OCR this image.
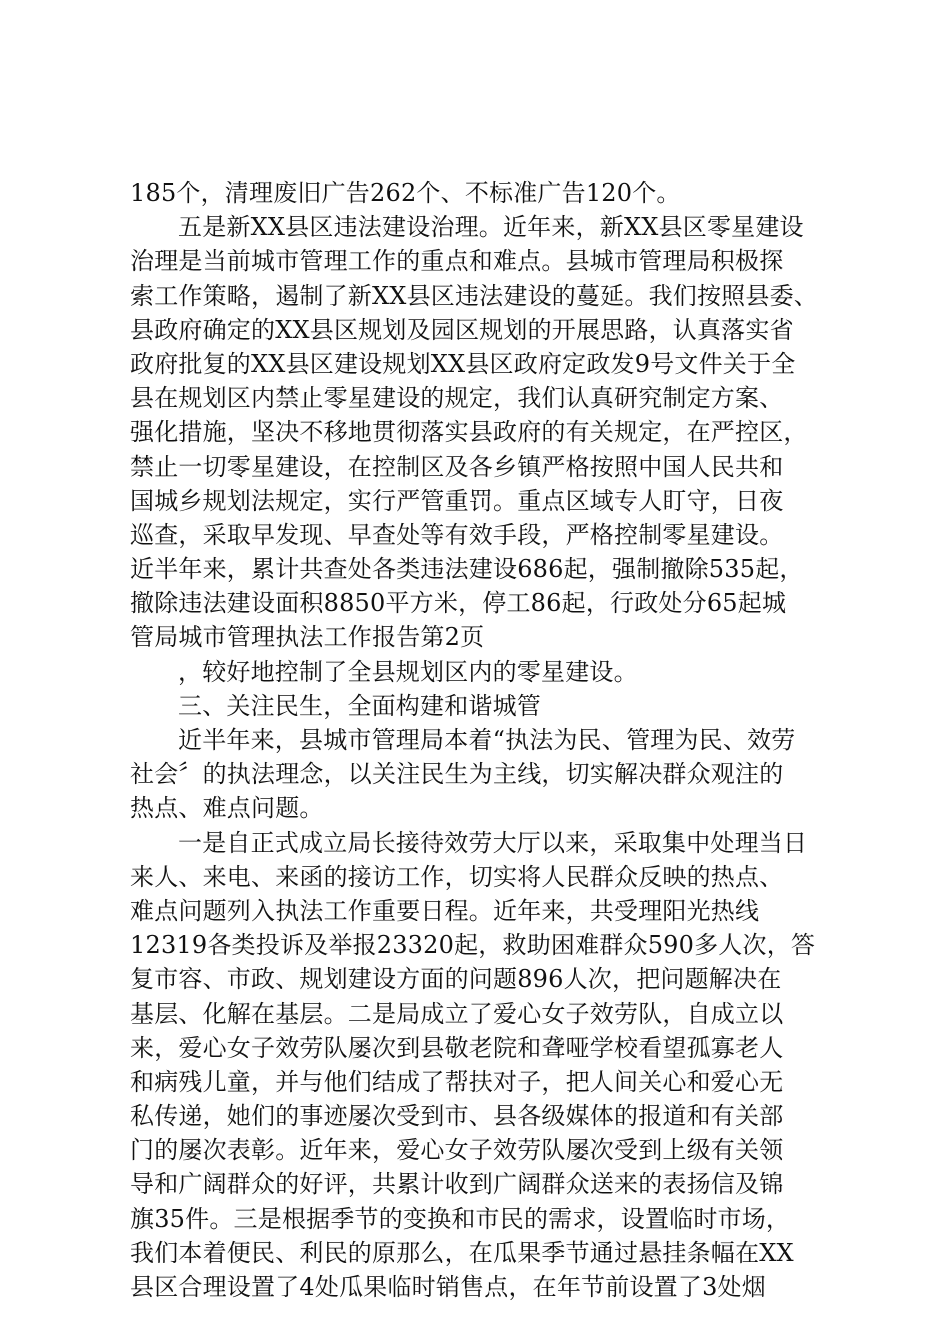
185个，清理废旧广告262个、不标准广告120个。
五是新XX县区违法建设治理。近年来，新XX县区零星建设
治理是当前城市管理工作的重点和难点。县城市管理局积极探
索工作策略，遏制了新XX县区违法建设的蔓延。我们按照县委、
县政府确定的XX县区规划及园区规划的开展思路，认真落实省
政府批复的XX县区建设规划XX县区政府定政发9号文件关于全
县在规划区内禁止零星建设的规定，我们认真研究制定方案、
强化措施，坚决不移地贯彻落实县政府的有关规定，在严控区，
禁止一切零星建设，在控制区及各乡镇严格按照中国人民共和
国城乡规划法规定，实行严管重罚。重点区域专人盯守，日夜
巡查，采取早发现、早查处等有效手段，严格控制零星建设。
近半年来，累计共查处各类违法建设686起，强制撤除535起，
撤除违法建设面积8850平方米，停工86起，行政处分65起城
管局城市管理执法工作报告第2页
，较好地控制了全县规划区内的零星建设。
三、关注民生，全面构建和谐城管
近半年来，县城市管理局本着“执法为民、管理为民、效劳
社会〞的执法理念，以关注民生为主线，切实解决群众观注的
热点、难点问题。
一是自正式成立局长接待效劳大厅以来，采取集中处理当日
来人、来电、来函的接访工作，切实将人民群众反映的热点、
难点问题列入执法工作重要日程。近年来，共受理阳光热线
12319各类投诉及举报23320起，救助困难群众590多人次，答
复市容、市政、规划建设方面的问题896人次，把问题解决在
基层、化解在基层。二是局成立了爱心女子效劳队，自成立以
来，爱心女子效劳队屡次到县敬老院和聋哑学校看望孤寡老人
和病残儿童，并与他们结成了帮扶对子，把人间关心和爱心无
私传递，她们的事迹屡次受到市、县各级媒体的报道和有关部
门的屡次表彰。近年来，爱心女子效劳队屡次受到上级有关领
导和广阔群众的好评，共累计收到广阔群众送来的表扬信及锦
旗35件。三是根据季节的变换和市民的需求，设置临时市场，
我们本着便民、利民的原那么，在瓜果季节通过悬挂条幅在XX
县区合理设置了4处瓜果临时销售点，在年节前设置了3处烟
